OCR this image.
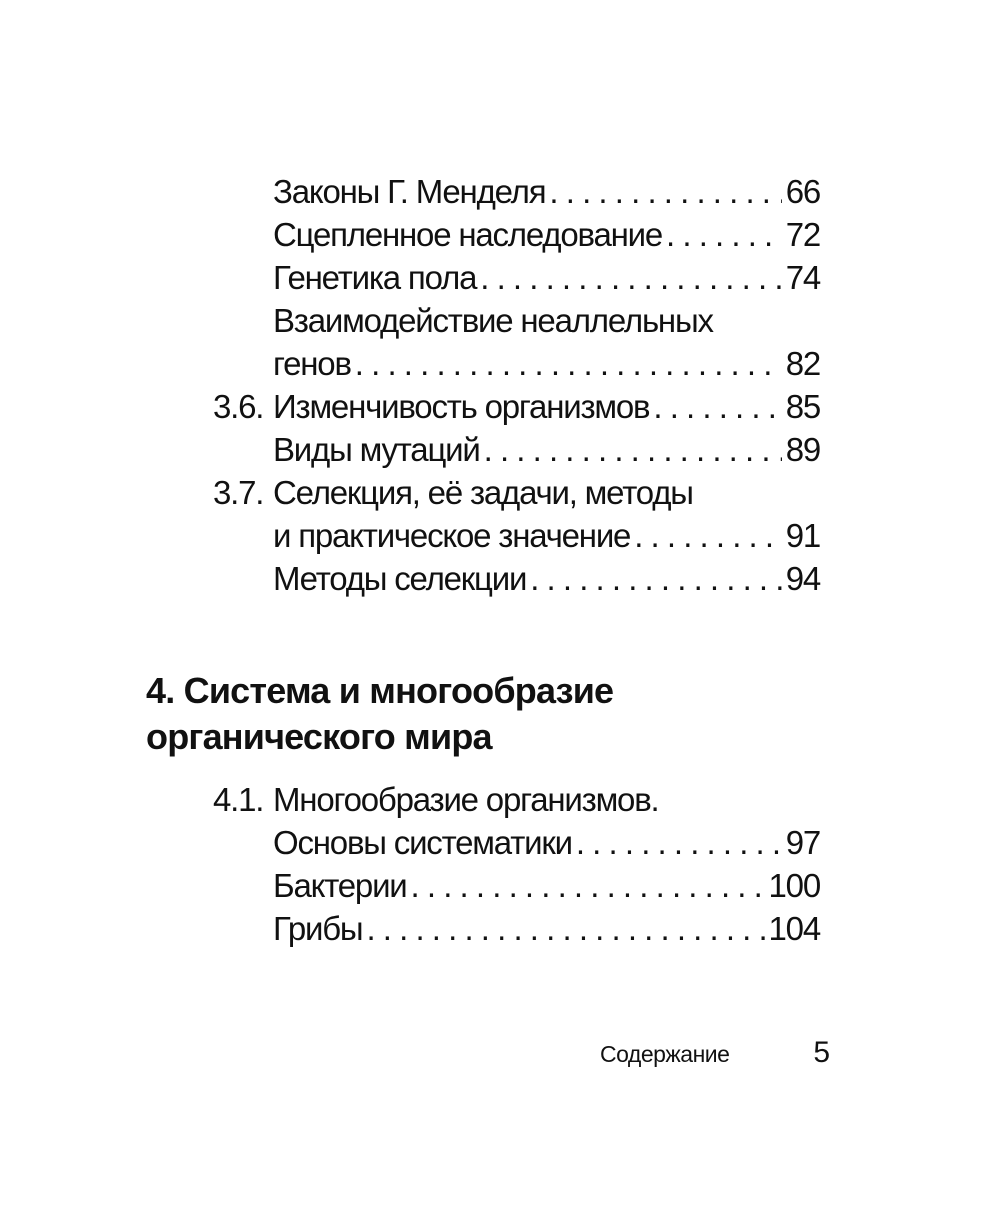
Законы Г. Менделя . . .	66
Сцепленное наследование . . .	72
Генетика пола . . .	74
Взаимодействие неаллельных
генов . . .	82
3.6. Изменчивость организмов . . .	85
Виды мутаций . . .	89
3.7. Селекция, её задачи, методы
и практическое значение . . .	91
Методы селекции . . .	94
4. Система и многообразие
органического мира
4.1. Многообразие организмов.
Основы систематики . . .	97
Бактерии . . .	100
Грибы . . .	104
Содержание	5
